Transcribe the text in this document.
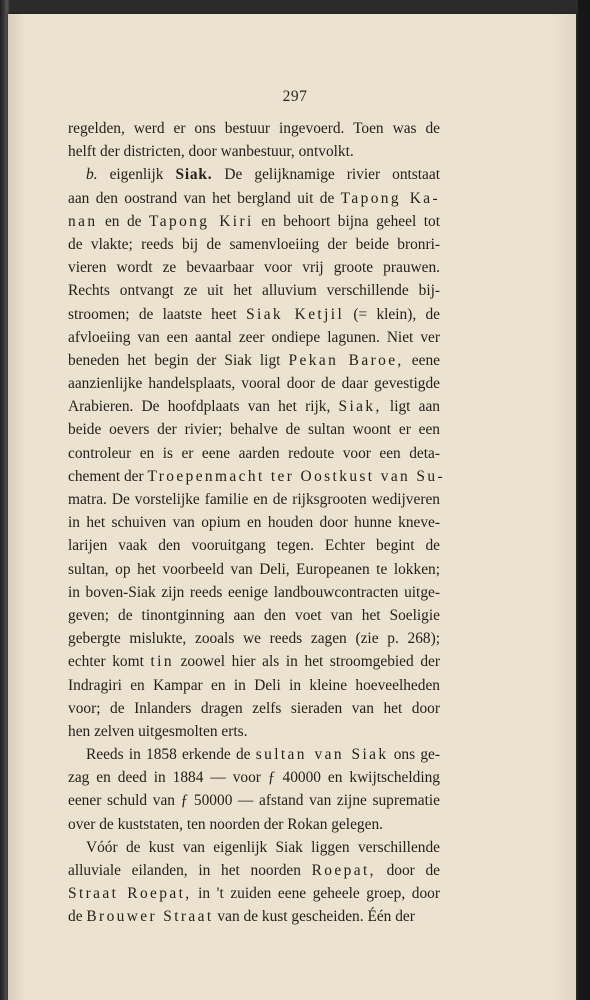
297
regelden, werd er ons bestuur ingevoerd. Toen was de
helft der districten, door wanbestuur, ontvolkt.
b. eigenlijk Siak. De gelijknamige rivier ontstaat
aan den oostrand van het bergland uit de Tapong Ka-
nan en de Tapong Kiri en behoort bijna geheel tot
de vlakte; reeds bij de samenvloeiing der beide bronri-
vieren wordt ze bevaarbaar voor vrij groote prauwen.
Rechts ontvangt ze uit het alluvium verschillende bij-
stroomen; de laatste heet Siak Ketjil (= klein), de
afvloeiing van een aantal zeer ondiepe lagunen. Niet ver
beneden het begin der Siak ligt Pekan Baroe, eene
aanzienlijke handelsplaats, vooral door de daar gevestigde
Arabieren. De hoofdplaats van het rijk, Siak, ligt aan
beide oevers der rivier; behalve de sultan woont er een
controleur en is er eene aarden redoute voor een deta-
chement der Troepenmacht ter Oostkust van Su-
matra. De vorstelijke familie en de rijksgrooten wedijveren
in het schuiven van opium en houden door hunne kneve-
larijen vaak den vooruitgang tegen. Echter begint de
sultan, op het voorbeeld van Deli, Europeanen te lokken;
in boven-Siak zijn reeds eenige landbouwcontracten uitge-
geven; de tinontginning aan den voet van het Soeligie
gebergte mislukte, zooals we reeds zagen (zie p. 268);
echter komt tin zoowel hier als in het stroomgebied der
Indragiri en Kampar en in Deli in kleine hoeveelheden
voor; de Inlanders dragen zelfs sieraden van het door
hen zelven uitgesmolten erts.
Reeds in 1858 erkende de sultan van Siak ons ge-
zag en deed in 1884 — voor ƒ 40000 en kwijtschelding
eener schuld van ƒ 50000 — afstand van zijne suprematie
over de kuststaten, ten noorden der Rokan gelegen.
Vóór de kust van eigenlijk Siak liggen verschillende
alluviale eilanden, in het noorden Roepat, door de
Straat Roepat, in 't zuiden eene geheele groep, door
de Brouwer Straat van de kust gescheiden. Één der
